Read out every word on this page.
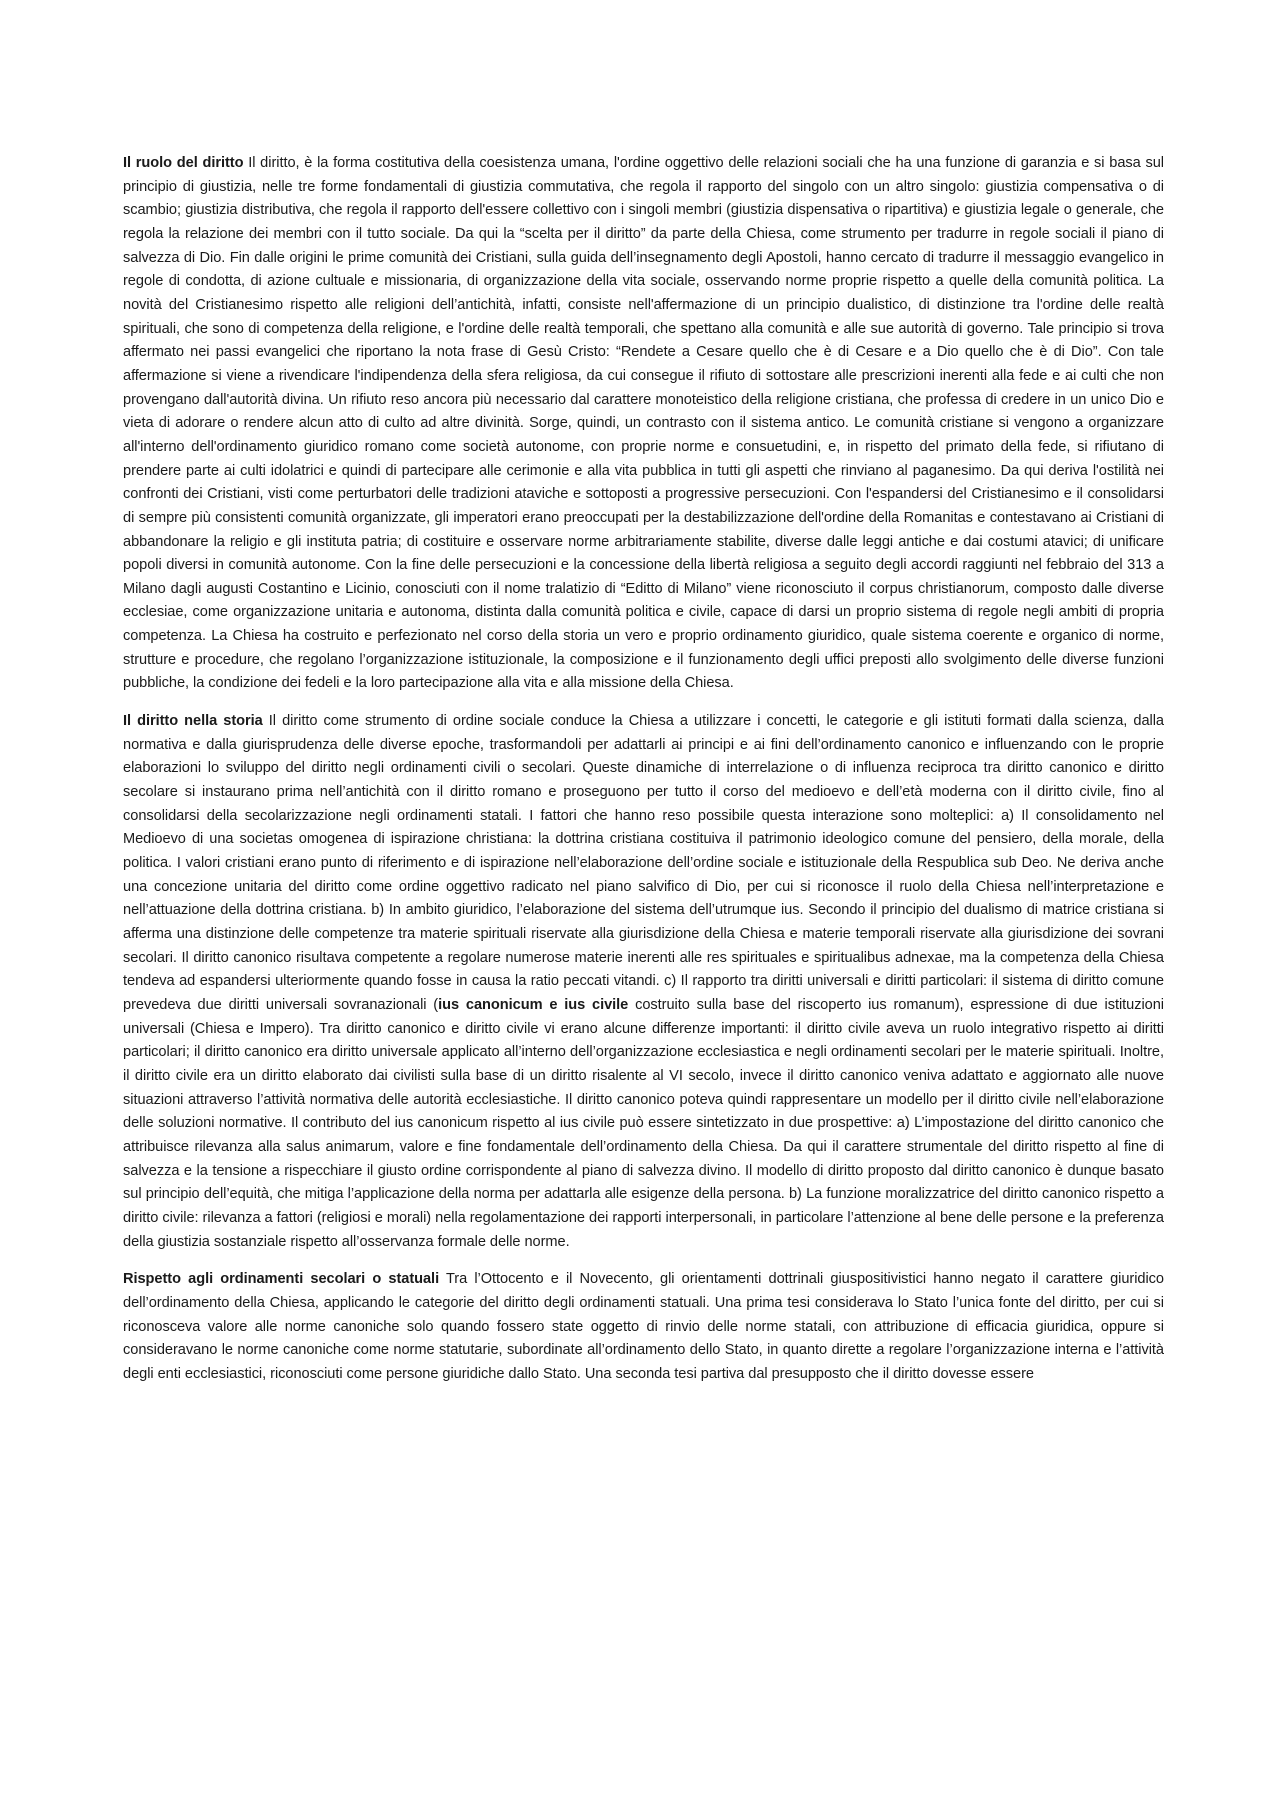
Il ruolo del diritto Il diritto, è la forma costitutiva della coesistenza umana, l'ordine oggettivo delle relazioni sociali che ha una funzione di garanzia e si basa sul principio di giustizia, nelle tre forme fondamentali di giustizia commutativa, che regola il rapporto del singolo con un altro singolo: giustizia compensativa o di scambio; giustizia distributiva, che regola il rapporto dell'essere collettivo con i singoli membri (giustizia dispensativa o ripartitiva) e giustizia legale o generale, che regola la relazione dei membri con il tutto sociale. Da qui la “scelta per il diritto” da parte della Chiesa, come strumento per tradurre in regole sociali il piano di salvezza di Dio. Fin dalle origini le prime comunità dei Cristiani, sulla guida dell’insegnamento degli Apostoli, hanno cercato di tradurre il messaggio evangelico in regole di condotta, di azione cultuale e missionaria, di organizzazione della vita sociale, osservando norme proprie rispetto a quelle della comunità politica. La novità del Cristianesimo rispetto alle religioni dell’antichità, infatti, consiste nell'affermazione di un principio dualistico, di distinzione tra l'ordine delle realtà spirituali, che sono di competenza della religione, e l'ordine delle realtà temporali, che spettano alla comunità e alle sue autorità di governo. Tale principio si trova affermato nei passi evangelici che riportano la nota frase di Gesù Cristo: “Rendete a Cesare quello che è di Cesare e a Dio quello che è di Dio”. Con tale affermazione si viene a rivendicare l'indipendenza della sfera religiosa, da cui consegue il rifiuto di sottostare alle prescrizioni inerenti alla fede e ai culti che non provengano dall'autorità divina. Un rifiuto reso ancora più necessario dal carattere monoteistico della religione cristiana, che professa di credere in un unico Dio e vieta di adorare o rendere alcun atto di culto ad altre divinità. Sorge, quindi, un contrasto con il sistema antico. Le comunità cristiane si vengono a organizzare all'interno dell'ordinamento giuridico romano come società autonome, con proprie norme e consuetudini, e, in rispetto del primato della fede, si rifiutano di prendere parte ai culti idolatrici e quindi di partecipare alle cerimonie e alla vita pubblica in tutti gli aspetti che rinviano al paganesimo. Da qui deriva l'ostilità nei confronti dei Cristiani, visti come perturbatori delle tradizioni ataviche e sottoposti a progressive persecuzioni. Con l'espandersi del Cristianesimo e il consolidarsi di sempre più consistenti comunità organizzate, gli imperatori erano preoccupati per la destabilizzazione dell'ordine della Romanitas e contestavano ai Cristiani di abbandonare la religio e gli instituta patria; di costituire e osservare norme arbitrariamente stabilite, diverse dalle leggi antiche e dai costumi atavici; di unificare popoli diversi in comunità autonome. Con la fine delle persecuzioni e la concessione della libertà religiosa a seguito degli accordi raggiunti nel febbraio del 313 a Milano dagli augusti Costantino e Licinio, conosciuti con il nome tralatizio di “Editto di Milano” viene riconosciuto il corpus christianorum, composto dalle diverse ecclesiae, come organizzazione unitaria e autonoma, distinta dalla comunità politica e civile, capace di darsi un proprio sistema di regole negli ambiti di propria competenza. La Chiesa ha costruito e perfezionato nel corso della storia un vero e proprio ordinamento giuridico, quale sistema coerente e organico di norme, strutture e procedure, che regolano l’organizzazione istituzionale, la composizione e il funzionamento degli uffici preposti allo svolgimento delle diverse funzioni pubbliche, la condizione dei fedeli e la loro partecipazione alla vita e alla missione della Chiesa.

Il diritto nella storia Il diritto come strumento di ordine sociale conduce la Chiesa a utilizzare i concetti, le categorie e gli istituti formati dalla scienza, dalla normativa e dalla giurisprudenza delle diverse epoche, trasformandoli per adattarli ai principi e ai fini dell’ordinamento canonico e influenzando con le proprie elaborazioni lo sviluppo del diritto negli ordinamenti civili o secolari. Queste dinamiche di interrelazione o di influenza reciproca tra diritto canonico e diritto secolare si instaurano prima nell’antichità con il diritto romano e proseguono per tutto il corso del medioevo e dell’età moderna con il diritto civile, fino al consolidarsi della secolarizzazione negli ordinamenti statali. I fattori che hanno reso possibile questa interazione sono molteplici: a) Il consolidamento nel Medioevo di una societas omogenea di ispirazione christiana: la dottrina cristiana costituiva il patrimonio ideologico comune del pensiero, della morale, della politica. I valori cristiani erano punto di riferimento e di ispirazione nell’elaborazione dell’ordine sociale e istituzionale della Respublica sub Deo. Ne deriva anche una concezione unitaria del diritto come ordine oggettivo radicato nel piano salvifico di Dio, per cui si riconosce il ruolo della Chiesa nell’interpretazione e nell’attuazione della dottrina cristiana. b) In ambito giuridico, l’elaborazione del sistema dell’utrumque ius. Secondo il principio del dualismo di matrice cristiana si afferma una distinzione delle competenze tra materie spirituali riservate alla giurisdizione della Chiesa e materie temporali riservate alla giurisdizione dei sovrani secolari. Il diritto canonico risultava competente a regolare numerose materie inerenti alle res spirituales e spiritualibus adnexae, ma la competenza della Chiesa tendeva ad espandersi ulteriormente quando fosse in causa la ratio peccati vitandi. c) Il rapporto tra diritti universali e diritti particolari: il sistema di diritto comune prevedeva due diritti universali sovranazionali (ius canonicum e ius civile costruito sulla base del riscoperto ius romanum), espressione di due istituzioni universali (Chiesa e Impero). Tra diritto canonico e diritto civile vi erano alcune differenze importanti: il diritto civile aveva un ruolo integrativo rispetto ai diritti particolari; il diritto canonico era diritto universale applicato all’interno dell’organizzazione ecclesiastica e negli ordinamenti secolari per le materie spirituali. Inoltre, il diritto civile era un diritto elaborato dai civilisti sulla base di un diritto risalente al VI secolo, invece il diritto canonico veniva adattato e aggiornato alle nuove situazioni attraverso l’attività normativa delle autorità ecclesiastiche. Il diritto canonico poteva quindi rappresentare un modello per il diritto civile nell’elaborazione delle soluzioni normative. Il contributo del ius canonicum rispetto al ius civile può essere sintetizzato in due prospettive: a) L’impostazione del diritto canonico che attribuisce rilevanza alla salus animarum, valore e fine fondamentale dell’ordinamento della Chiesa. Da qui il carattere strumentale del diritto rispetto al fine di salvezza e la tensione a rispecchiare il giusto ordine corrispondente al piano di salvezza divino. Il modello di diritto proposto dal diritto canonico è dunque basato sul principio dell’equità, che mitiga l’applicazione della norma per adattarla alle esigenze della persona. b) La funzione moralizzatrice del diritto canonico rispetto a diritto civile: rilevanza a fattori (religiosi e morali) nella regolamentazione dei rapporti interpersonali, in particolare l’attenzione al bene delle persone e la preferenza della giustizia sostanziale rispetto all’osservanza formale delle norme.

Rispetto agli ordinamenti secolari o statuali Tra l’Ottocento e il Novecento, gli orientamenti dottrinali giuspositivistici hanno negato il carattere giuridico dell’ordinamento della Chiesa, applicando le categorie del diritto degli ordinamenti statuali. Una prima tesi considerava lo Stato l’unica fonte del diritto, per cui si riconosceva valore alle norme canoniche solo quando fossero state oggetto di rinvio delle norme statali, con attribuzione di efficacia giuridica, oppure si consideravano le norme canoniche come norme statutarie, subordinate all’ordinamento dello Stato, in quanto dirette a regolare l’organizzazione interna e l’attività degli enti ecclesiastici, riconosciuti come persone giuridiche dallo Stato. Una seconda tesi partiva dal presupposto che il diritto dovesse essere
